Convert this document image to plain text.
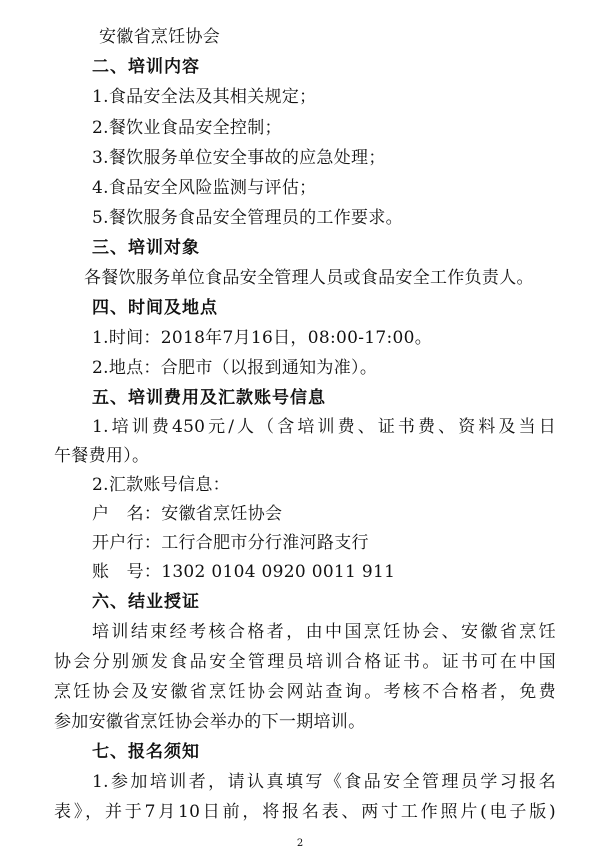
安徽省烹饪协会
二、培训内容
1.食品安全法及其相关规定；
2.餐饮业食品安全控制；
3.餐饮服务单位安全事故的应急处理；
4.食品安全风险监测与评估；
5.餐饮服务食品安全管理员的工作要求。
三、培训对象
各餐饮服务单位食品安全管理人员或食品安全工作负责人。
四、时间及地点
1.时间：2018年7月16日，08:00-17:00。
2.地点：合肥市（以报到通知为准）。
五、培训费用及汇款账号信息
1.培训费450元/人（含培训费、证书费、资料及当日
午餐费用）。
2.汇款账号信息：
户　名：安徽省烹饪协会
开户行：工行合肥市分行淮河路支行
账　号：1302 0104 0920 0011 911
六、结业授证
培训结束经考核合格者，由中国烹饪协会、安徽省烹饪
协会分别颁发食品安全管理员培训合格证书。证书可在中国
烹饪协会及安徽省烹饪协会网站查询。考核不合格者，免费
参加安徽省烹饪协会举办的下一期培训。
七、报名须知
1.参加培训者，请认真填写《食品安全管理员学习报名
表》，并于7月10日前，将报名表、两寸工作照片(电子版)
2
